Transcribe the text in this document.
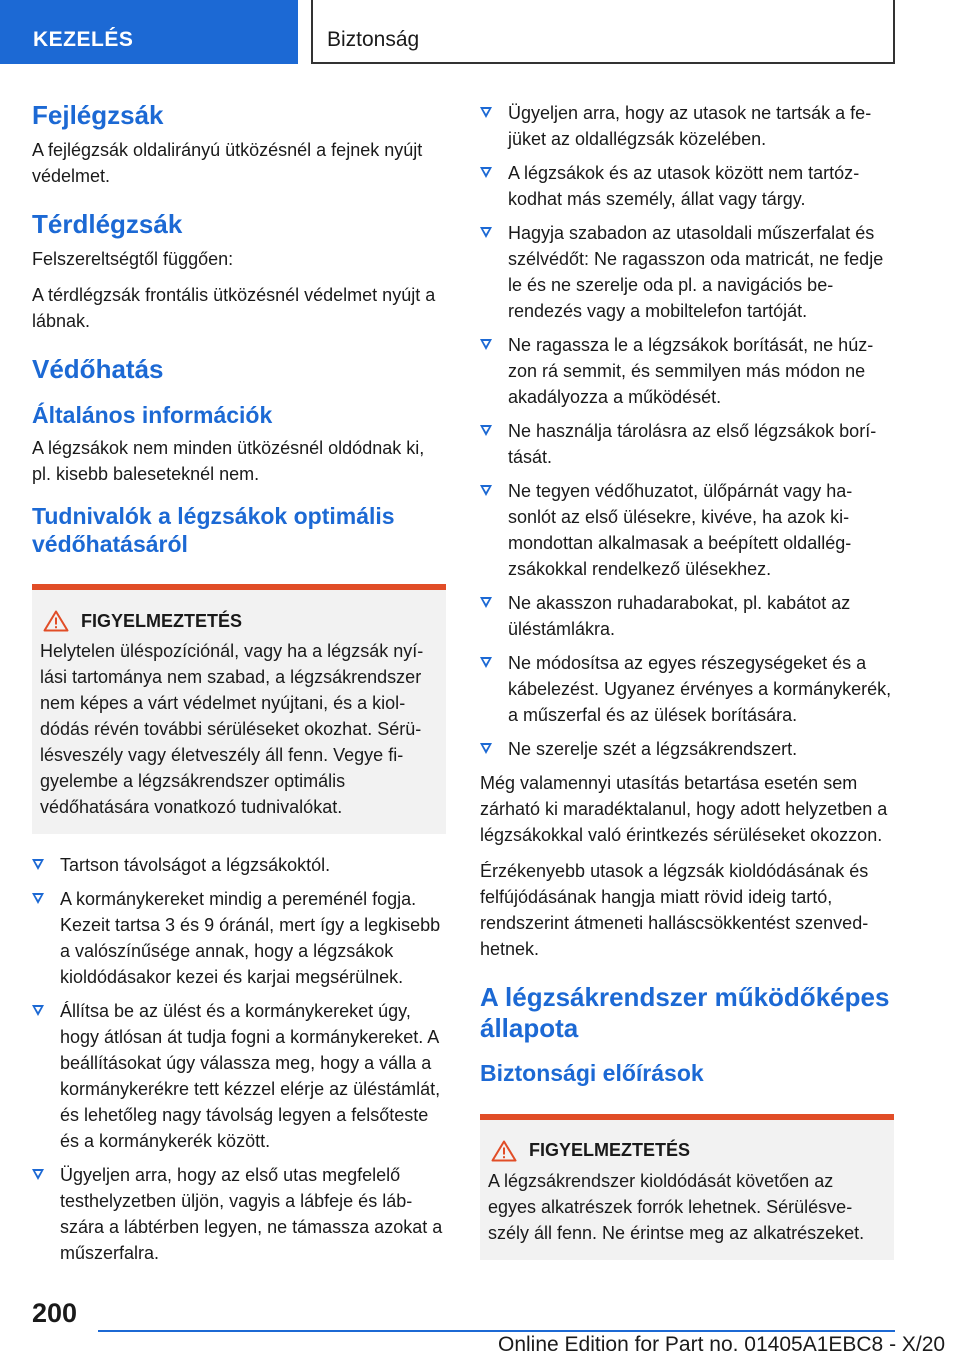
KEZELÉS	Biztonság
Fejlégzsák

A fejlégzsák oldalirányú ütközésnél a fejnek nyújt védelmet.

Térdlégzsák

Felszereltségtől függően:

A térdlégzsák frontális ütközésnél védelmet nyújt a lábnak.

Védőhatás
Általános információk

A légzsákok nem minden ütközésnél oldódnak ki, pl. kisebb baleseteknél nem.

Tudnivalók a légzsákok optimális védőhatásáról
FIGYELMEZTETÉS

Helytelen üléspozíciónál, vagy ha a légzsák nyílási tartománya nem szabad, a légzsákrendszer nem képes a várt védelmet nyújtani, és a kioldódás révén további sérüléseket okozhat. Sérülésveszély vagy életveszély áll fenn. Vegye figyelembe a légzsákrendszer optimális védőhatására vonatkozó tudnivalókat.

Tartson távolságot a légzsákoktól.
A kormánykereket mindig a pereménél fogja. Kezeit tartsa 3 és 9 óránál, mert így a legkisebb a valószínűsége annak, hogy a légzsákok kioldódásakor kezei és karjai megsérülnek.
Állítsa be az ülést és a kormánykereket úgy, hogy átlósan át tudja fogni a kormánykereket. A beállításokat úgy válassza meg, hogy a válla a kormánykerékre tett kézzel elérje az üléstámlát, és lehetőleg nagy távolság legyen a felsőteste és a kormánykerék között.
Ügyeljen arra, hogy az első utas megfelelő testhelyzetben üljön, vagyis a lábfeje és lábszára a lábtérben legyen, ne támassza azokat a műszerfalra.
Ügyeljen arra, hogy az utasok ne tartsák a fejüket az oldallégzsák közelében.
A légzsákok és az utasok között nem tartózkodhat más személy, állat vagy tárgy.
Hagyja szabadon az utasoldali műszerfalat és szélvédőt: Ne ragasszon oda matricát, ne fedje le és ne szerelje oda pl. a navigációs berendezés vagy a mobiltelefon tartóját.
Ne ragassza le a légzsákok borítását, ne húzzon rá semmit, és semmilyen más módon ne akadályozza a működését.
Ne használja tárolásra az első légzsákok borítását.
Ne tegyen védőhuzatot, ülőpárnát vagy hasonlót az első ülésekre, kivéve, ha azok kimondottan alkalmasak a beépített oldallégzsákokkal rendelkező ülésekhez.
Ne akasszon ruhadarabokat, pl. kabátot az üléstámlákra.
Ne módosítsa az egyes részegységeket és a kábelezést. Ugyanez érvényes a kormánykerék, a műszerfal és az ülések borítására.
Ne szerelje szét a légzsákrendszert.

Még valamennyi utasítás betartása esetén sem zárható ki maradéktalanul, hogy adott helyzetben a légzsákokkal való érintkezés sérüléseket okozzon.

Érzékenyebb utasok a légzsák kioldódásának és felfújódásának hangja miatt rövid ideig tartó, rendszerint átmeneti halláscsökkentést szenvedhetnek.

A légzsákrendszer működőképes állapota
Biztonsági előírások
FIGYELMEZTETÉS

A légzsákrendszer kioldódását követően az egyes alkatrészek forrók lehetnek. Sérülésveszély áll fenn. Ne érintse meg az alkatrészeket.

200
Online Edition for Part no. 01405A1EBC8 - X/20
